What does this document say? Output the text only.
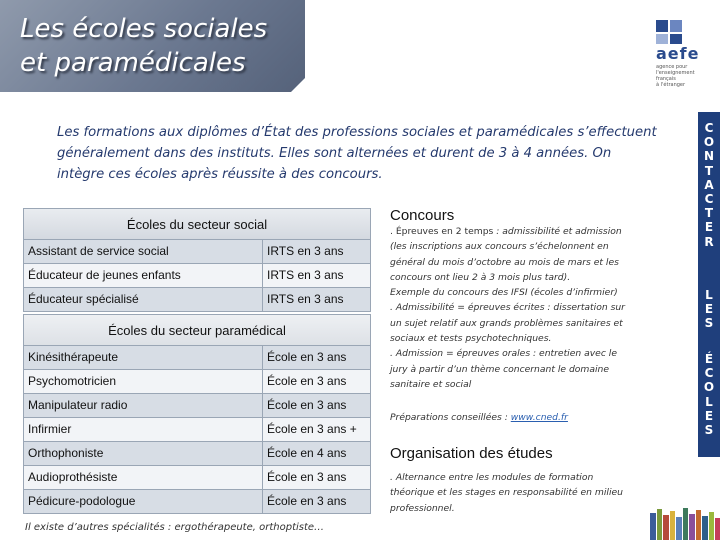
Les écoles sociales
et paramédicales	aefe
agence pour
l'enseignement
français
à l'étranger
C
O
N
T
A
C
T
E
R
L
E
S
É
C
O
L
E
S
Les formations aux diplômes d’État des professions sociales et paramédicales s’effectuent généralement dans des instituts. Elles sont alternées et durent de 3 à 4 années. On intègre ces écoles après réussite à des concours.
Écoles du secteur social
Assistant de service social	IRTS en 3 ans
Éducateur de jeunes enfants	IRTS en 3 ans
Éducateur spécialisé	IRTS en 3 ans
Écoles du secteur paramédical
Kinésithérapeute	École en 3 ans
Psychomotricien	École en 3 ans
Manipulateur radio	École en 3 ans
Infirmier	École en 3 ans +
Orthophoniste	École en 4 ans
Audioprothésiste	École en 3 ans
Pédicure-podologue	École en 3 ans
Il existe d’autres spécialités : ergothérapeute, orthoptiste…
Concours

. Épreuves en 2 temps : admissibilité et admission (les inscriptions aux concours s’échelonnent en général du mois d’octobre au mois de mars et les concours ont lieu 2 à 3 mois plus tard).

Exemple du concours des IFSI (écoles d’infirmier)

. Admissibilité = épreuves écrites : dissertation sur un sujet relatif aux grands problèmes sanitaires et sociaux et tests psychotechniques.

. Admission = épreuves orales : entretien avec le jury à partir d’un thème concernant le domaine sanitaire et social

Préparations conseillées : www.cned.fr
Organisation des études

. Alternance entre les modules de formation théorique et les stages en responsabilité en milieu professionnel.
